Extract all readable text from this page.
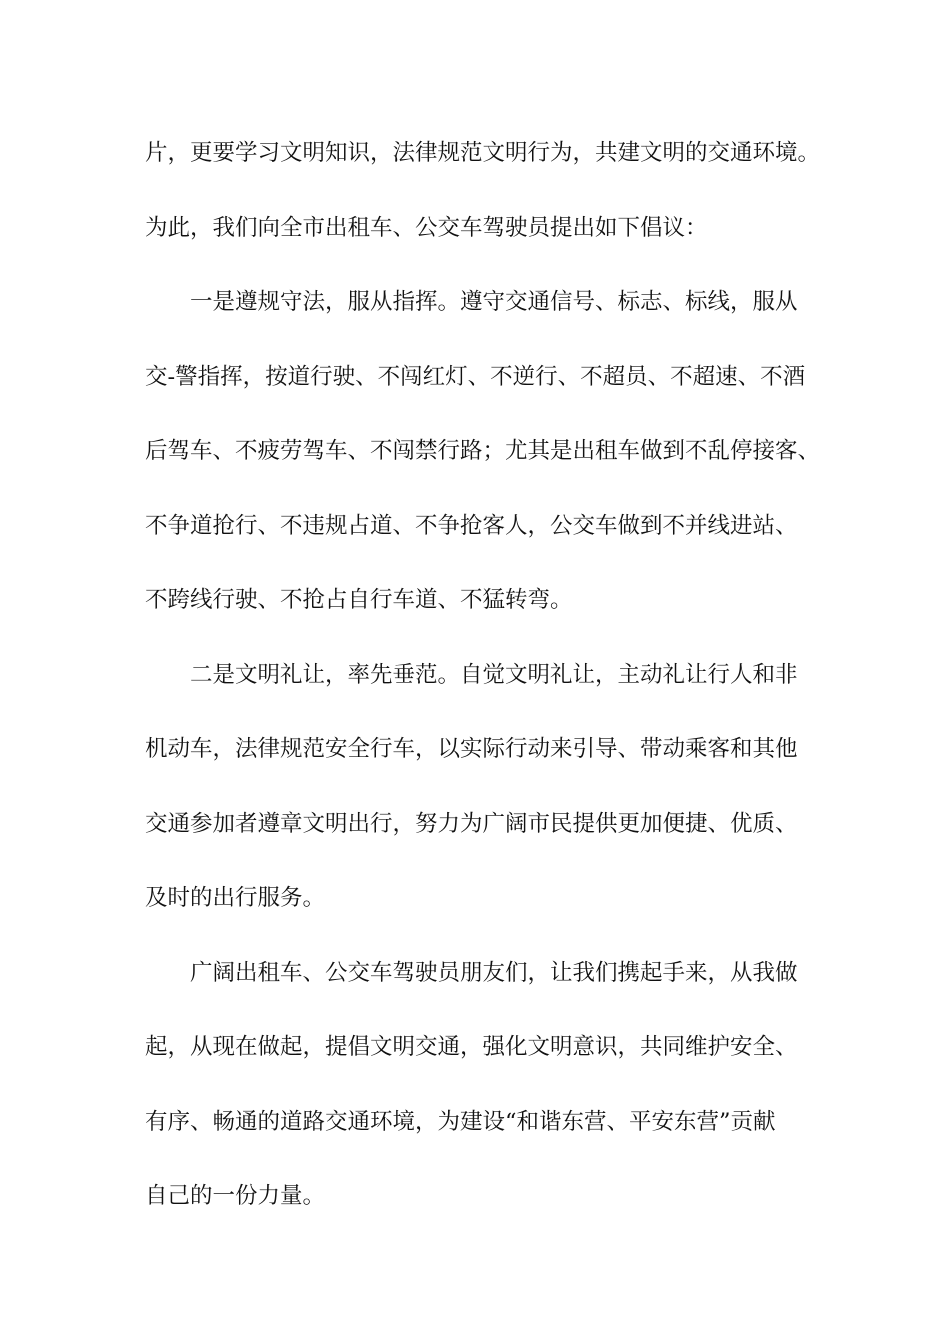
片，更要学习文明知识，法律规范文明行为，共建文明的交通环境。
为此，我们向全市出租车、公交车驾驶员提出如下倡议：
一是遵规守法，服从指挥。遵守交通信号、标志、标线，服从
交-警指挥，按道行驶、不闯红灯、不逆行、不超员、不超速、不酒
后驾车、不疲劳驾车、不闯禁行路；尤其是出租车做到不乱停接客、
不争道抢行、不违规占道、不争抢客人，公交车做到不并线进站、
不跨线行驶、不抢占自行车道、不猛转弯。
二是文明礼让，率先垂范。自觉文明礼让，主动礼让行人和非
机动车，法律规范安全行车，以实际行动来引导、带动乘客和其他
交通参加者遵章文明出行，努力为广阔市民提供更加便捷、优质、
及时的出行服务。
广阔出租车、公交车驾驶员朋友们，让我们携起手来，从我做
起，从现在做起，提倡文明交通，强化文明意识，共同维护安全、
有序、畅通的道路交通环境，为建设“和谐东营、平安东营”贡献
自己的一份力量。
